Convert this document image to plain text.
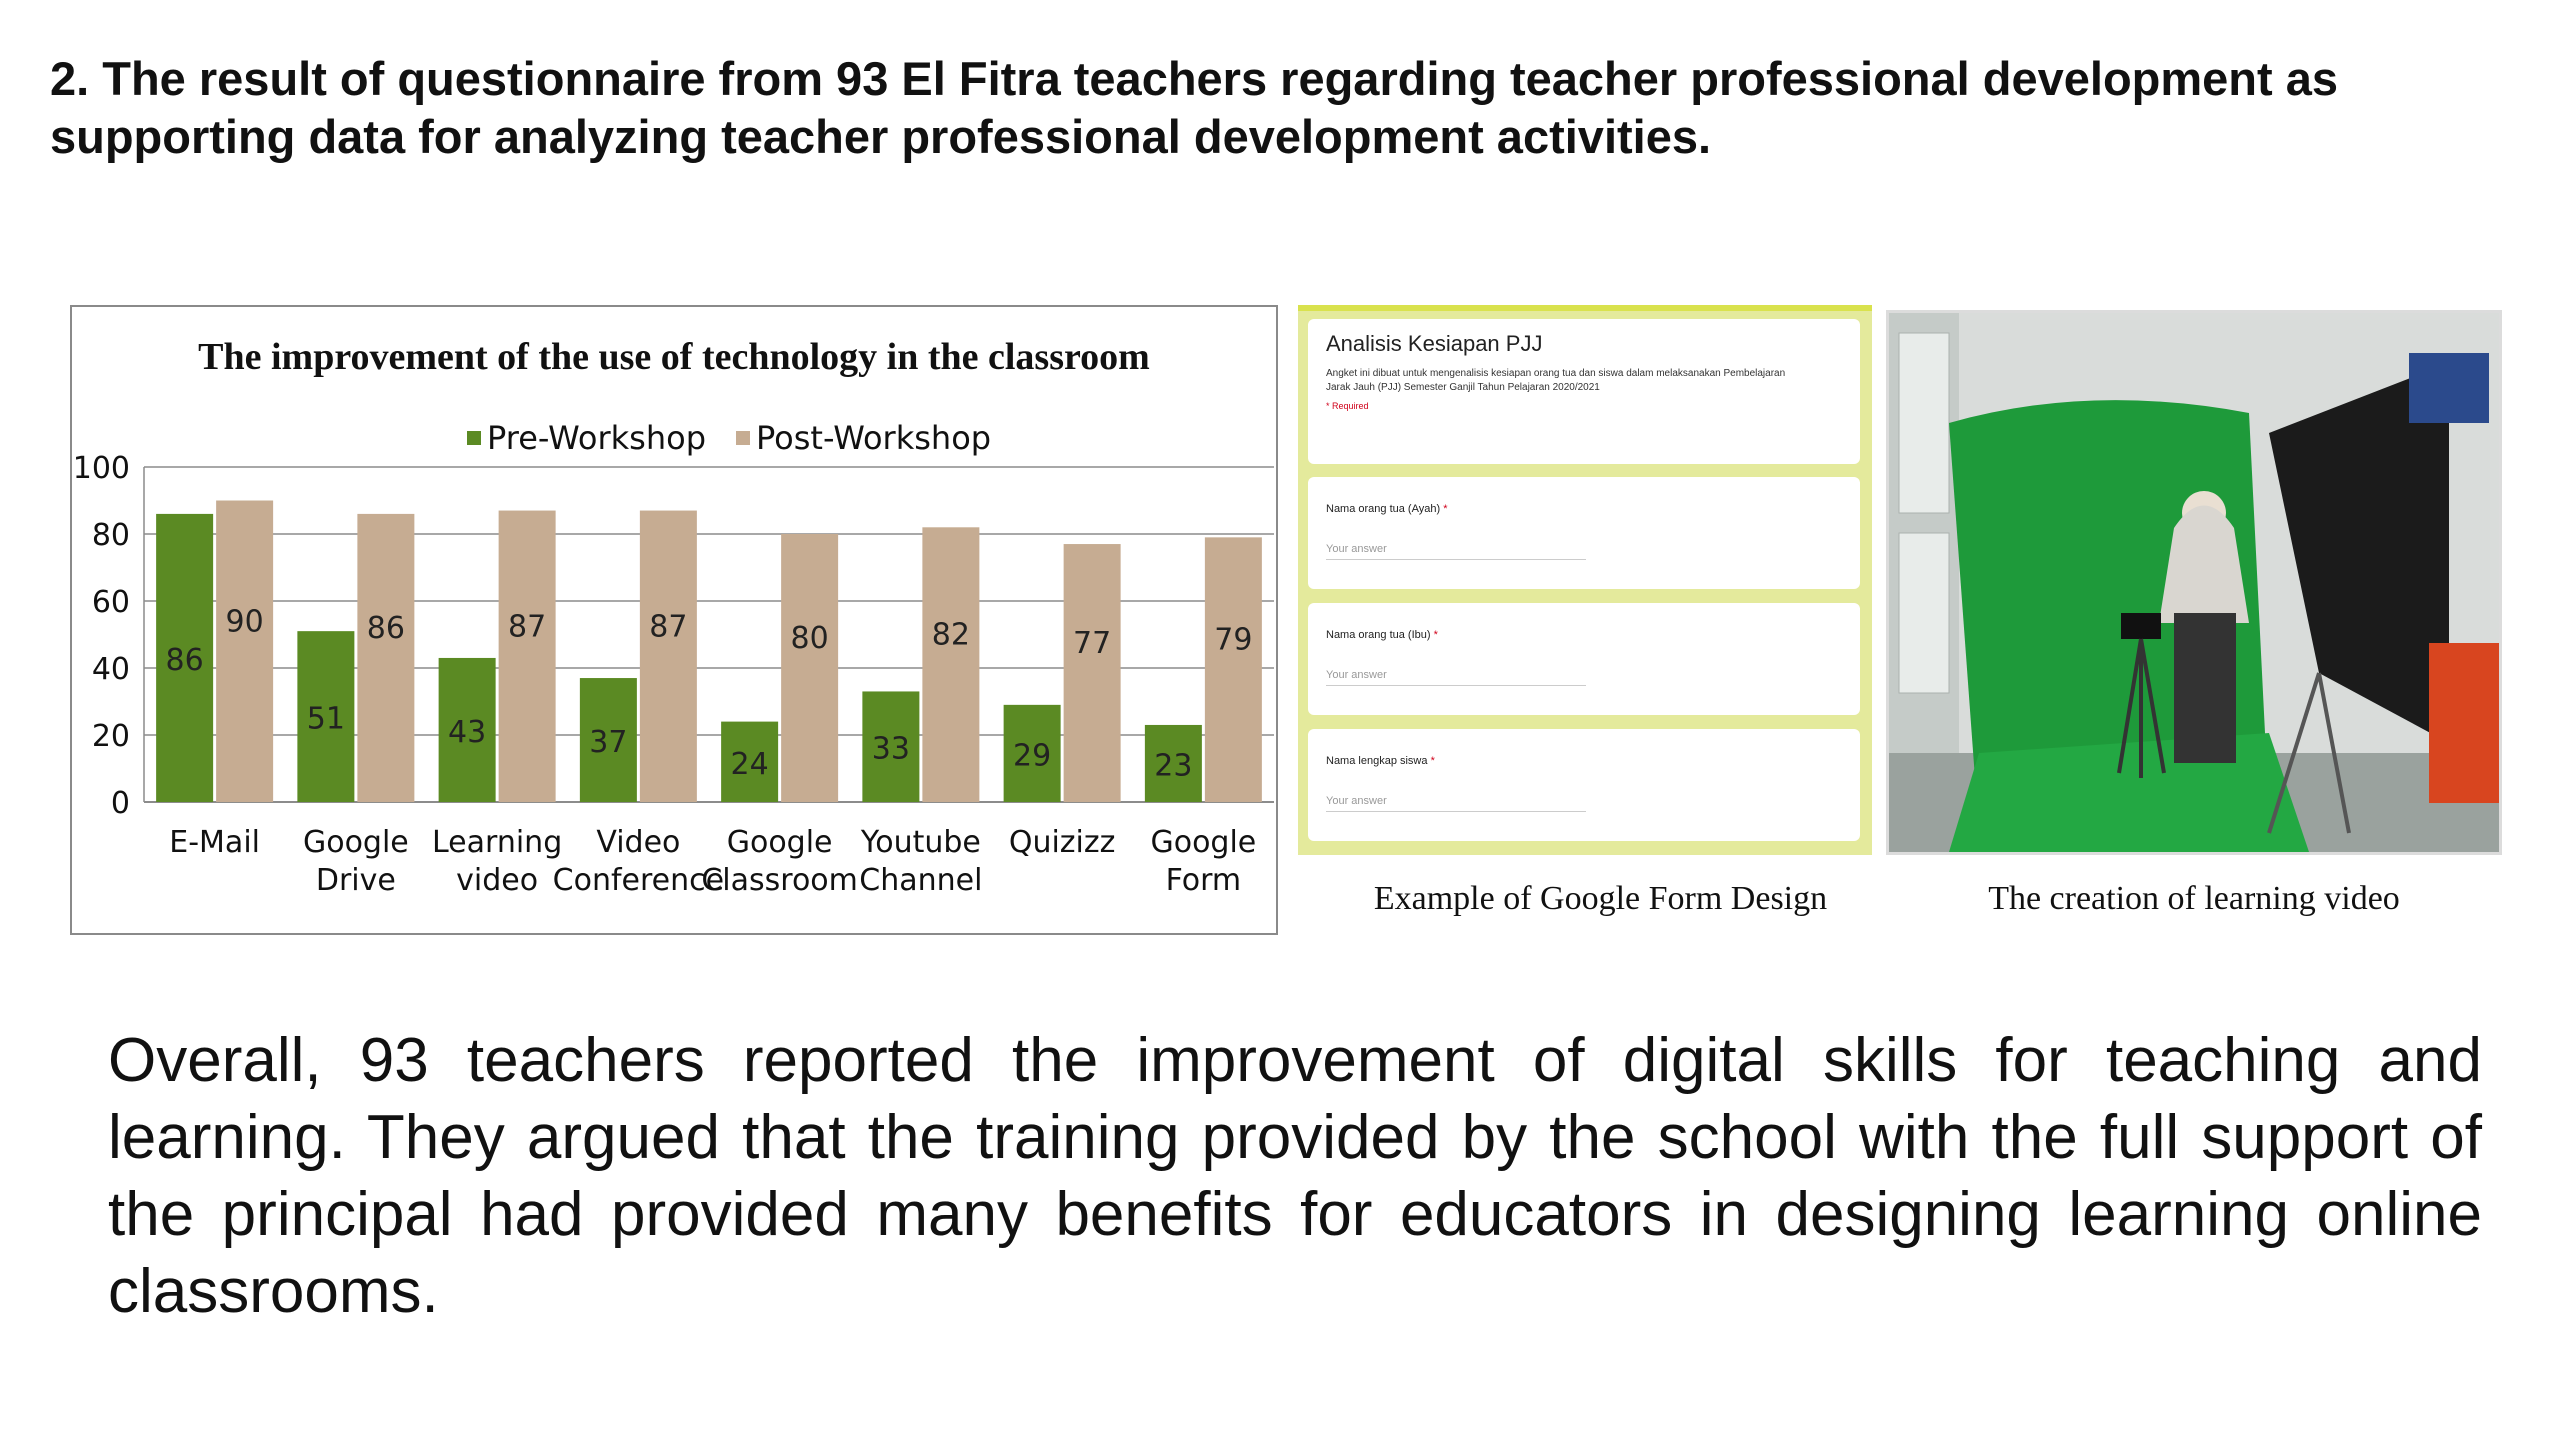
2. The result of questionnaire from 93 El Fitra teachers regarding teacher professional development as supporting data for analyzing teacher professional development activities.
0
20
40
60
80
100
86
51	43	37
24	33	29	23
90	86	87	87	80	82	77	79
E-Mail Google
Drive
Learning
video
Video
Conference
Google
Classroom
Youtube
Channel
Quizizz Google
Form
The improvement of the use of technology in the classroom
Pre-Workshop Post-Workshop
Analisis Kesiapan PJJ
Angket ini dibuat untuk mengenalisis kesiapan orang tua dan siswa dalam melaksanakan Pembelajaran Jarak Jauh (PJJ) Semester Ganjil Tahun Pelajaran 2020/2021
* Required
Nama orang tua (Ayah) *
Your answer
Nama orang tua (Ibu) *
Your answer
Nama lengkap siswa *
Your answer
Example of Google Form Design	The creation of learning video
Overall, 93 teachers reported the improvement of digital skills for teaching and learning. They argued that the training provided by the school with the full support of the principal had provided many benefits for educators in designing learning online classrooms.
